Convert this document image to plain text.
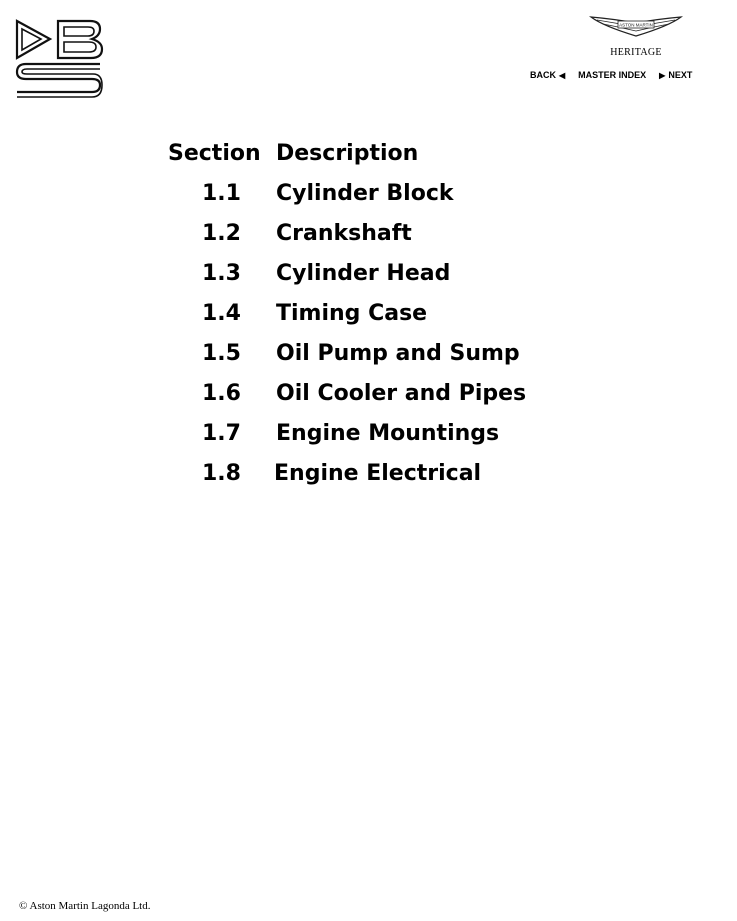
ASTON MARTIN
HERITAGE
BACK ◀ MASTER INDEX ▶ NEXT
Section Description
1.1 Cylinder Block
1.2 Crankshaft
1.3 Cylinder Head
1.4 Timing Case
1.5 Oil Pump and Sump
1.6 Oil Cooler and Pipes
1.7 Engine Mountings
1.8 Engine Electrical
© Aston Martin Lagonda Ltd.
